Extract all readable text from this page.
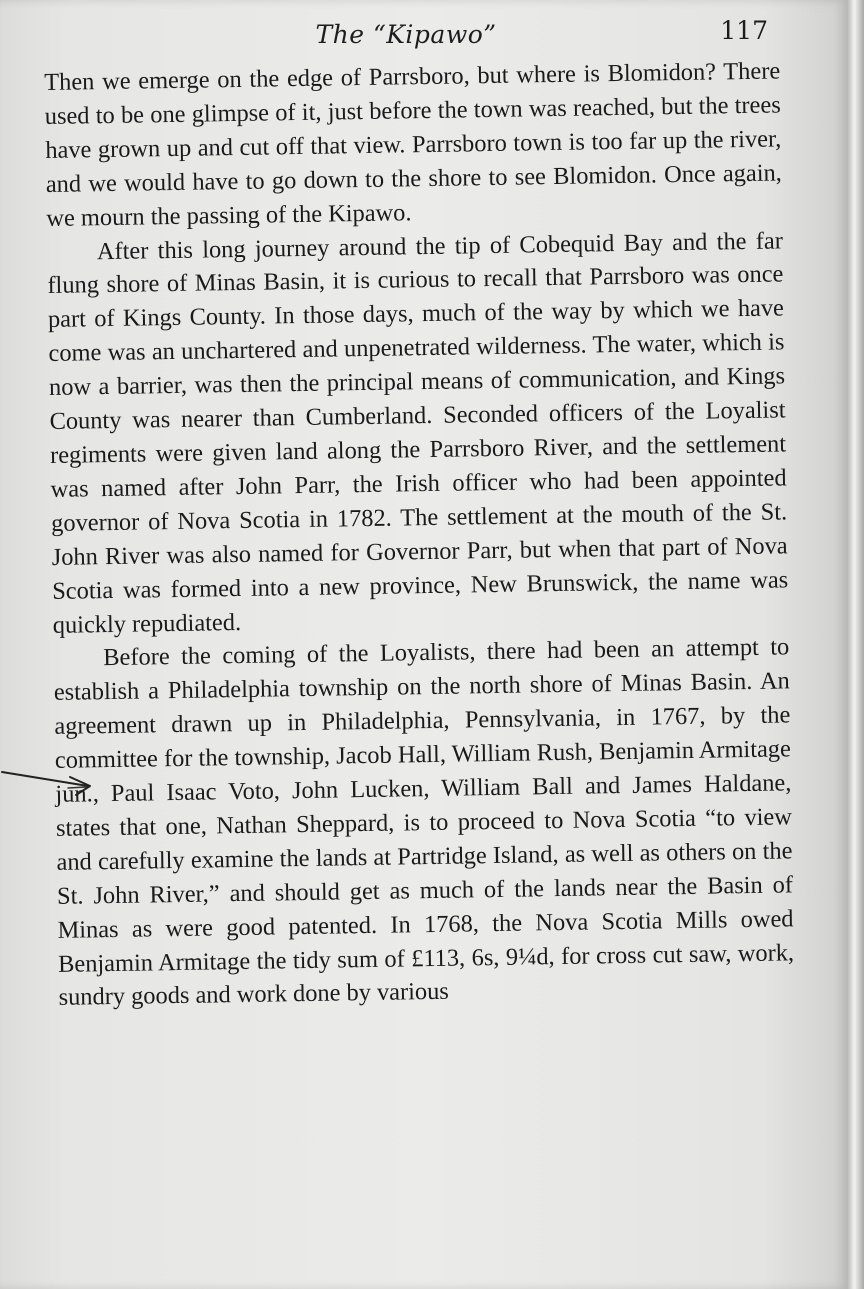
The “Kipawo”	117

Then we emerge on the edge of Parrsboro, but where is Blomidon? There used to be one glimpse of it, just before the town was reached, but the trees have grown up and cut off that view. Parrsboro town is too far up the river, and we would have to go down to the shore to see Blomidon. Once again, we mourn the passing of the Kipawo.

After this long journey around the tip of Cobequid Bay and the far flung shore of Minas Basin, it is curious to recall that Parrsboro was once part of Kings County. In those days, much of the way by which we have come was an unchartered and unpenetrated wilderness. The water, which is now a barrier, was then the principal means of communication, and Kings County was nearer than Cumberland. Seconded officers of the Loyalist regiments were given land along the Parrsboro River, and the settlement was named after John Parr, the Irish officer who had been appointed governor of Nova Scotia in 1782. The settlement at the mouth of the St. John River was also named for Governor Parr, but when that part of Nova Scotia was formed into a new province, New Brunswick, the name was quickly repudiated.

Before the coming of the Loyalists, there had been an attempt to establish a Philadelphia township on the north shore of Minas Basin. An agreement drawn up in Philadelphia, Pennsylvania, in 1767, by the committee for the township, Jacob Hall, William Rush, Benjamin Armitage jun., Paul Isaac Voto, John Lucken, William Ball and James Haldane, states that one, Nathan Sheppard, is to proceed to Nova Scotia “to view and carefully examine the lands at Partridge Island, as well as others on the St. John River,” and should get as much of the lands near the Basin of Minas as were good patented. In 1768, the Nova Scotia Mills owed Benjamin Armitage the tidy sum of £113, 6s, 9¼d, for cross cut saw, work, sundry goods and work done by various
